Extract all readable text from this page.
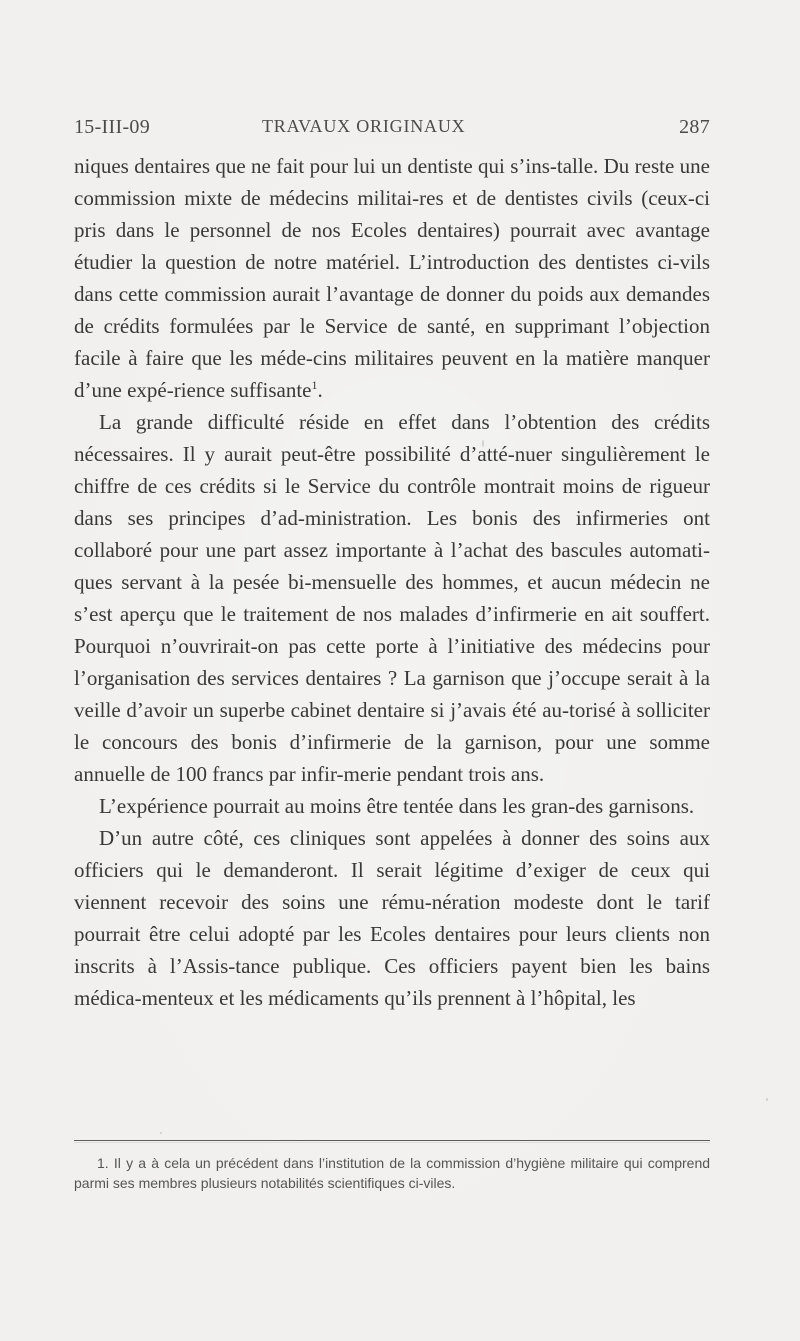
15-III-09	TRAVAUX ORIGINAUX	287

niques dentaires que ne fait pour lui un dentiste qui s’ins-talle. Du reste une commission mixte de médecins militai-res et de dentistes civils (ceux-ci pris dans le personnel de nos Ecoles dentaires) pourrait avec avantage étudier la question de notre matériel. L’introduction des dentistes ci-vils dans cette commission aurait l’avantage de donner du poids aux demandes de crédits formulées par le Service de santé, en supprimant l’objection facile à faire que les méde-cins militaires peuvent en la matière manquer d’une expé-rience suffisante$^1$.

La grande difficulté réside en effet dans l’obtention des crédits nécessaires. Il y aurait peut-être possibilité d’atté-nuer singulièrement le chiffre de ces crédits si le Service du contrôle montrait moins de rigueur dans ses principes d’ad-ministration. Les bonis des infirmeries ont collaboré pour une part assez importante à l’achat des bascules automati-ques servant à la pesée bi-mensuelle des hommes, et aucun médecin ne s’est aperçu que le traitement de nos malades d’infirmerie en ait souffert. Pourquoi n’ouvrirait-on pas cette porte à l’initiative des médecins pour l’organisation des services dentaires ? La garnison que j’occupe serait à la veille d’avoir un superbe cabinet dentaire si j’avais été au-torisé à solliciter le concours des bonis d’infirmerie de la garnison, pour une somme annuelle de 100 francs par infir-merie pendant trois ans.

L’expérience pourrait au moins être tentée dans les gran-des garnisons.

D’un autre côté, ces cliniques sont appelées à donner des soins aux officiers qui le demanderont. Il serait légitime d’exiger de ceux qui viennent recevoir des soins une rému-nération modeste dont le tarif pourrait être celui adopté par les Ecoles dentaires pour leurs clients non inscrits à l’Assis-tance publique. Ces officiers payent bien les bains médica-menteux et les médicaments qu’ils prennent à l’hôpital, les

1. Il y a à cela un précédent dans l’institution de la commission d’hygiène militaire qui comprend parmi ses membres plusieurs notabilités scientifiques ci-viles.
